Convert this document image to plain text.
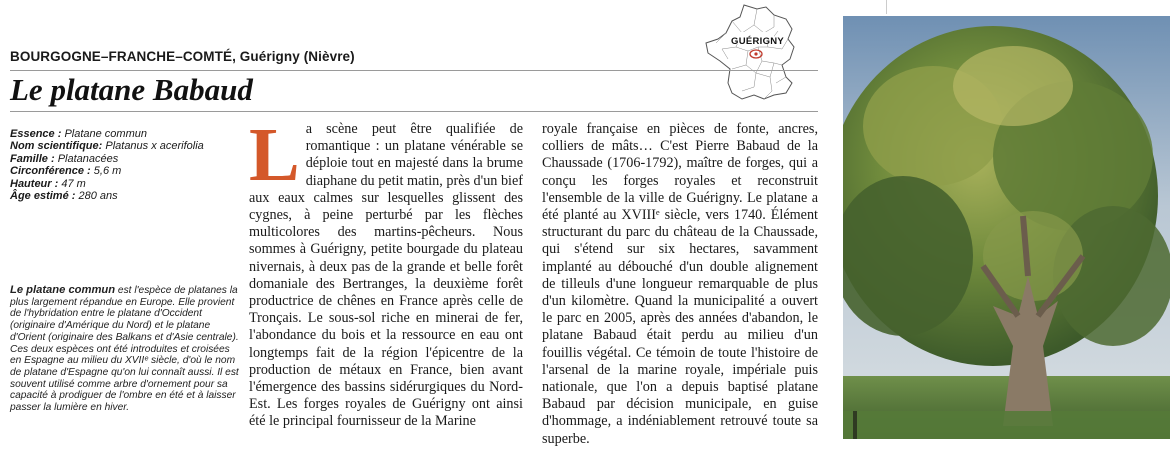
GUÉRIGNY
BOURGOGNE–FRANCHE–COMTÉ, Guérigny (Nièvre)
Le platane Babaud
Essence : Platane commun
Nom scientifique: Platanus x acerifolia
Famille : Platanacées
Circonférence : 5,6 m
Hauteur : 47 m
Âge estimé : 280 ans
Le platane commun est l'espèce de platanes la plus largement répandue en Europe. Elle provient de l'hybridation entre le platane d'Occident (originaire d'Amérique du Nord) et le platane d'Orient (originaire des Balkans et d'Asie centrale). Ces deux espèces ont été introduites et croisées en Espagne au milieu du XVIIᵉ siècle, d'où le nom de platane d'Espagne qu'on lui connaît aussi. Il est souvent utilisé comme arbre d'ornement pour sa capacité à prodiguer de l'ombre en été et à laisser passer la lumière en hiver.
La scène peut être qualifiée de romantique : un platane vénérable se déploie tout en majesté dans la brume diaphane du petit matin, près d'un bief aux eaux calmes sur lesquelles glissent des cygnes, à peine perturbé par les flèches multicolores des martins-pêcheurs. Nous sommes à Guérigny, petite bourgade du plateau nivernais, à deux pas de la grande et belle forêt domaniale des Bertranges, la deuxième forêt productrice de chênes en France après celle de Tronçais. Le sous-sol riche en minerai de fer, l'abondance du bois et la ressource en eau ont longtemps fait de la région l'épicentre de la production de métaux en France, bien avant l'émergence des bassins sidérurgiques du Nord-Est. Les forges royales de Guérigny ont ainsi été le principal fournisseur de la Marine
royale française en pièces de fonte, ancres, colliers de mâts… C'est Pierre Babaud de la Chaussade (1706-1792), maître de forges, qui a conçu les forges royales et reconstruit l'ensemble de la ville de Guérigny. Le platane a été planté au XVIIIᵉ siècle, vers 1740. Élément structurant du parc du château de la Chaussade, qui s'étend sur six hectares, savamment implanté au débouché d'un double alignement de tilleuls d'une longueur remarquable de plus d'un kilomètre. Quand la municipalité a ouvert le parc en 2005, après des années d'abandon, le platane Babaud était perdu au milieu d'un fouillis végétal. Ce témoin de toute l'histoire de l'arsenal de la marine royale, impériale puis nationale, que l'on a depuis baptisé platane Babaud par décision municipale, en guise d'hommage, a indéniablement retrouvé toute sa superbe.
